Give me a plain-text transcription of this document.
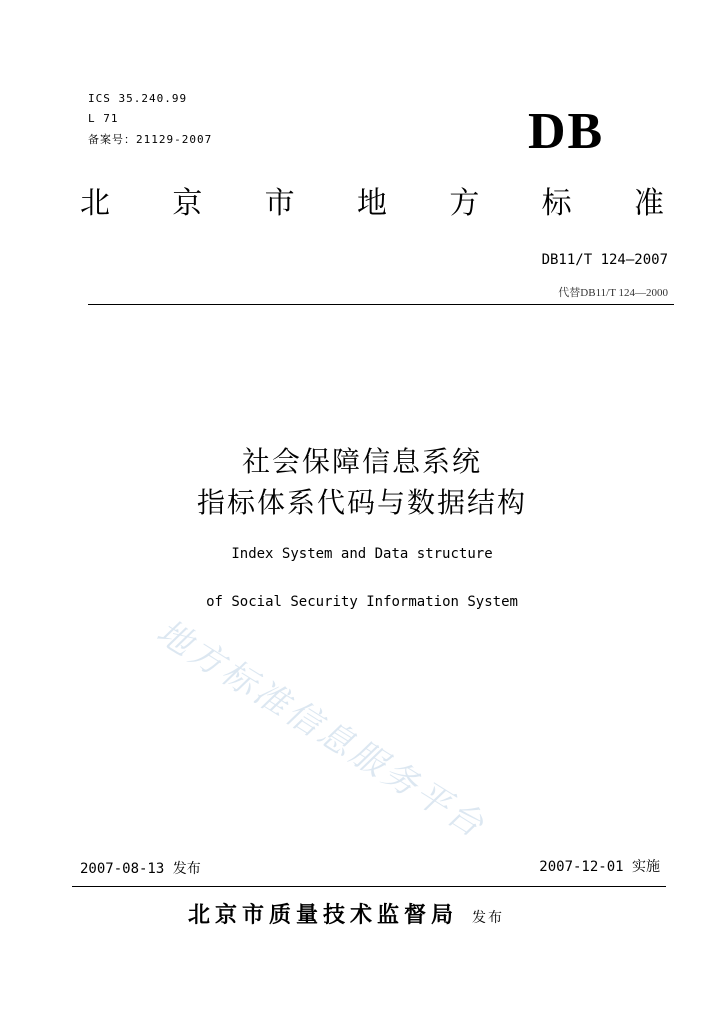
ICS 35.240.99
L 71
备案号：21129-2007	DB
北 京 市 地 方 标 准
DB11/T 124—2007
代替DB11/T 124—2000
社会保障信息系统
指标体系代码与数据结构
Index System and Data structure
of Social Security Information System
地方标准信息服务平台
2007-08-13 发布	2007-12-01 实施
北京市质量技术监督局 发布
